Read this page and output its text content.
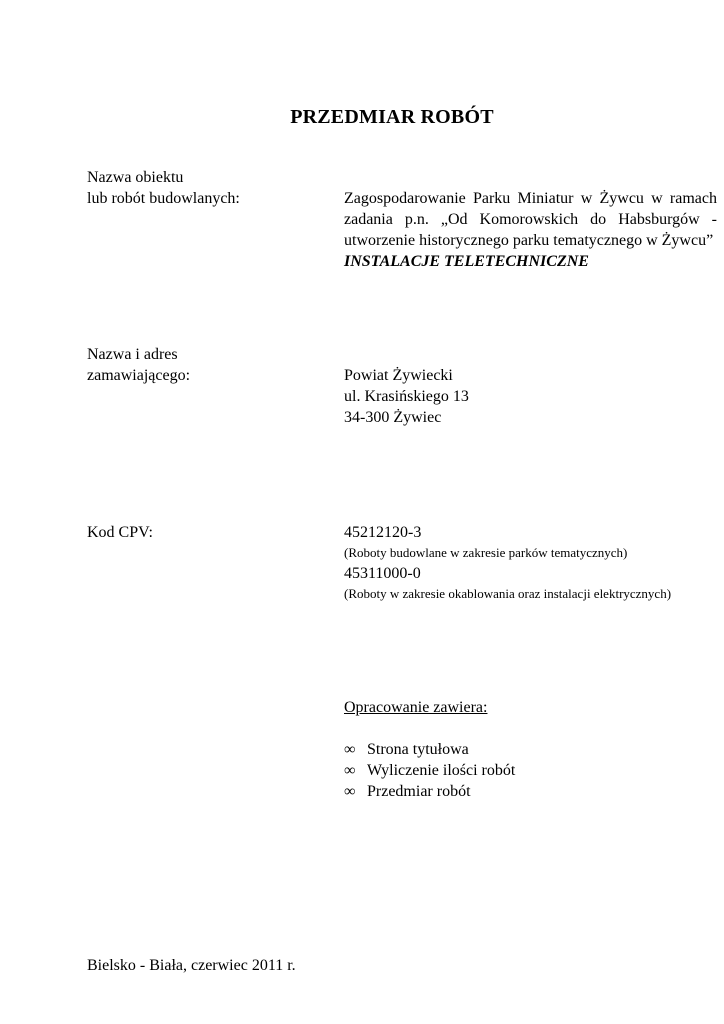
PRZEDMIAR ROBÓT
Nazwa obiektu
lub robót budowlanych:	Zagospodarowanie Parku Miniatur w Żywcu w ramach zadania p.n. „Od Komorowskich do Habsburgów - utworzenie historycznego parku tematycznego w Żywcu”
INSTALACJE TELETECHNICZNE
Nazwa i adres
zamawiającego:	Powiat Żywiecki
ul. Krasińskiego 13
34-300 Żywiec
Kod CPV:	45212120-3
(Roboty budowlane w zakresie parków tematycznych)
45311000-0
(Roboty w zakresie okablowania oraz instalacji elektrycznych)
Opracowanie zawiera:
∞ Strona tytułowa
∞ Wyliczenie ilości robót
∞ Przedmiar robót
Bielsko - Biała, czerwiec 2011 r.
